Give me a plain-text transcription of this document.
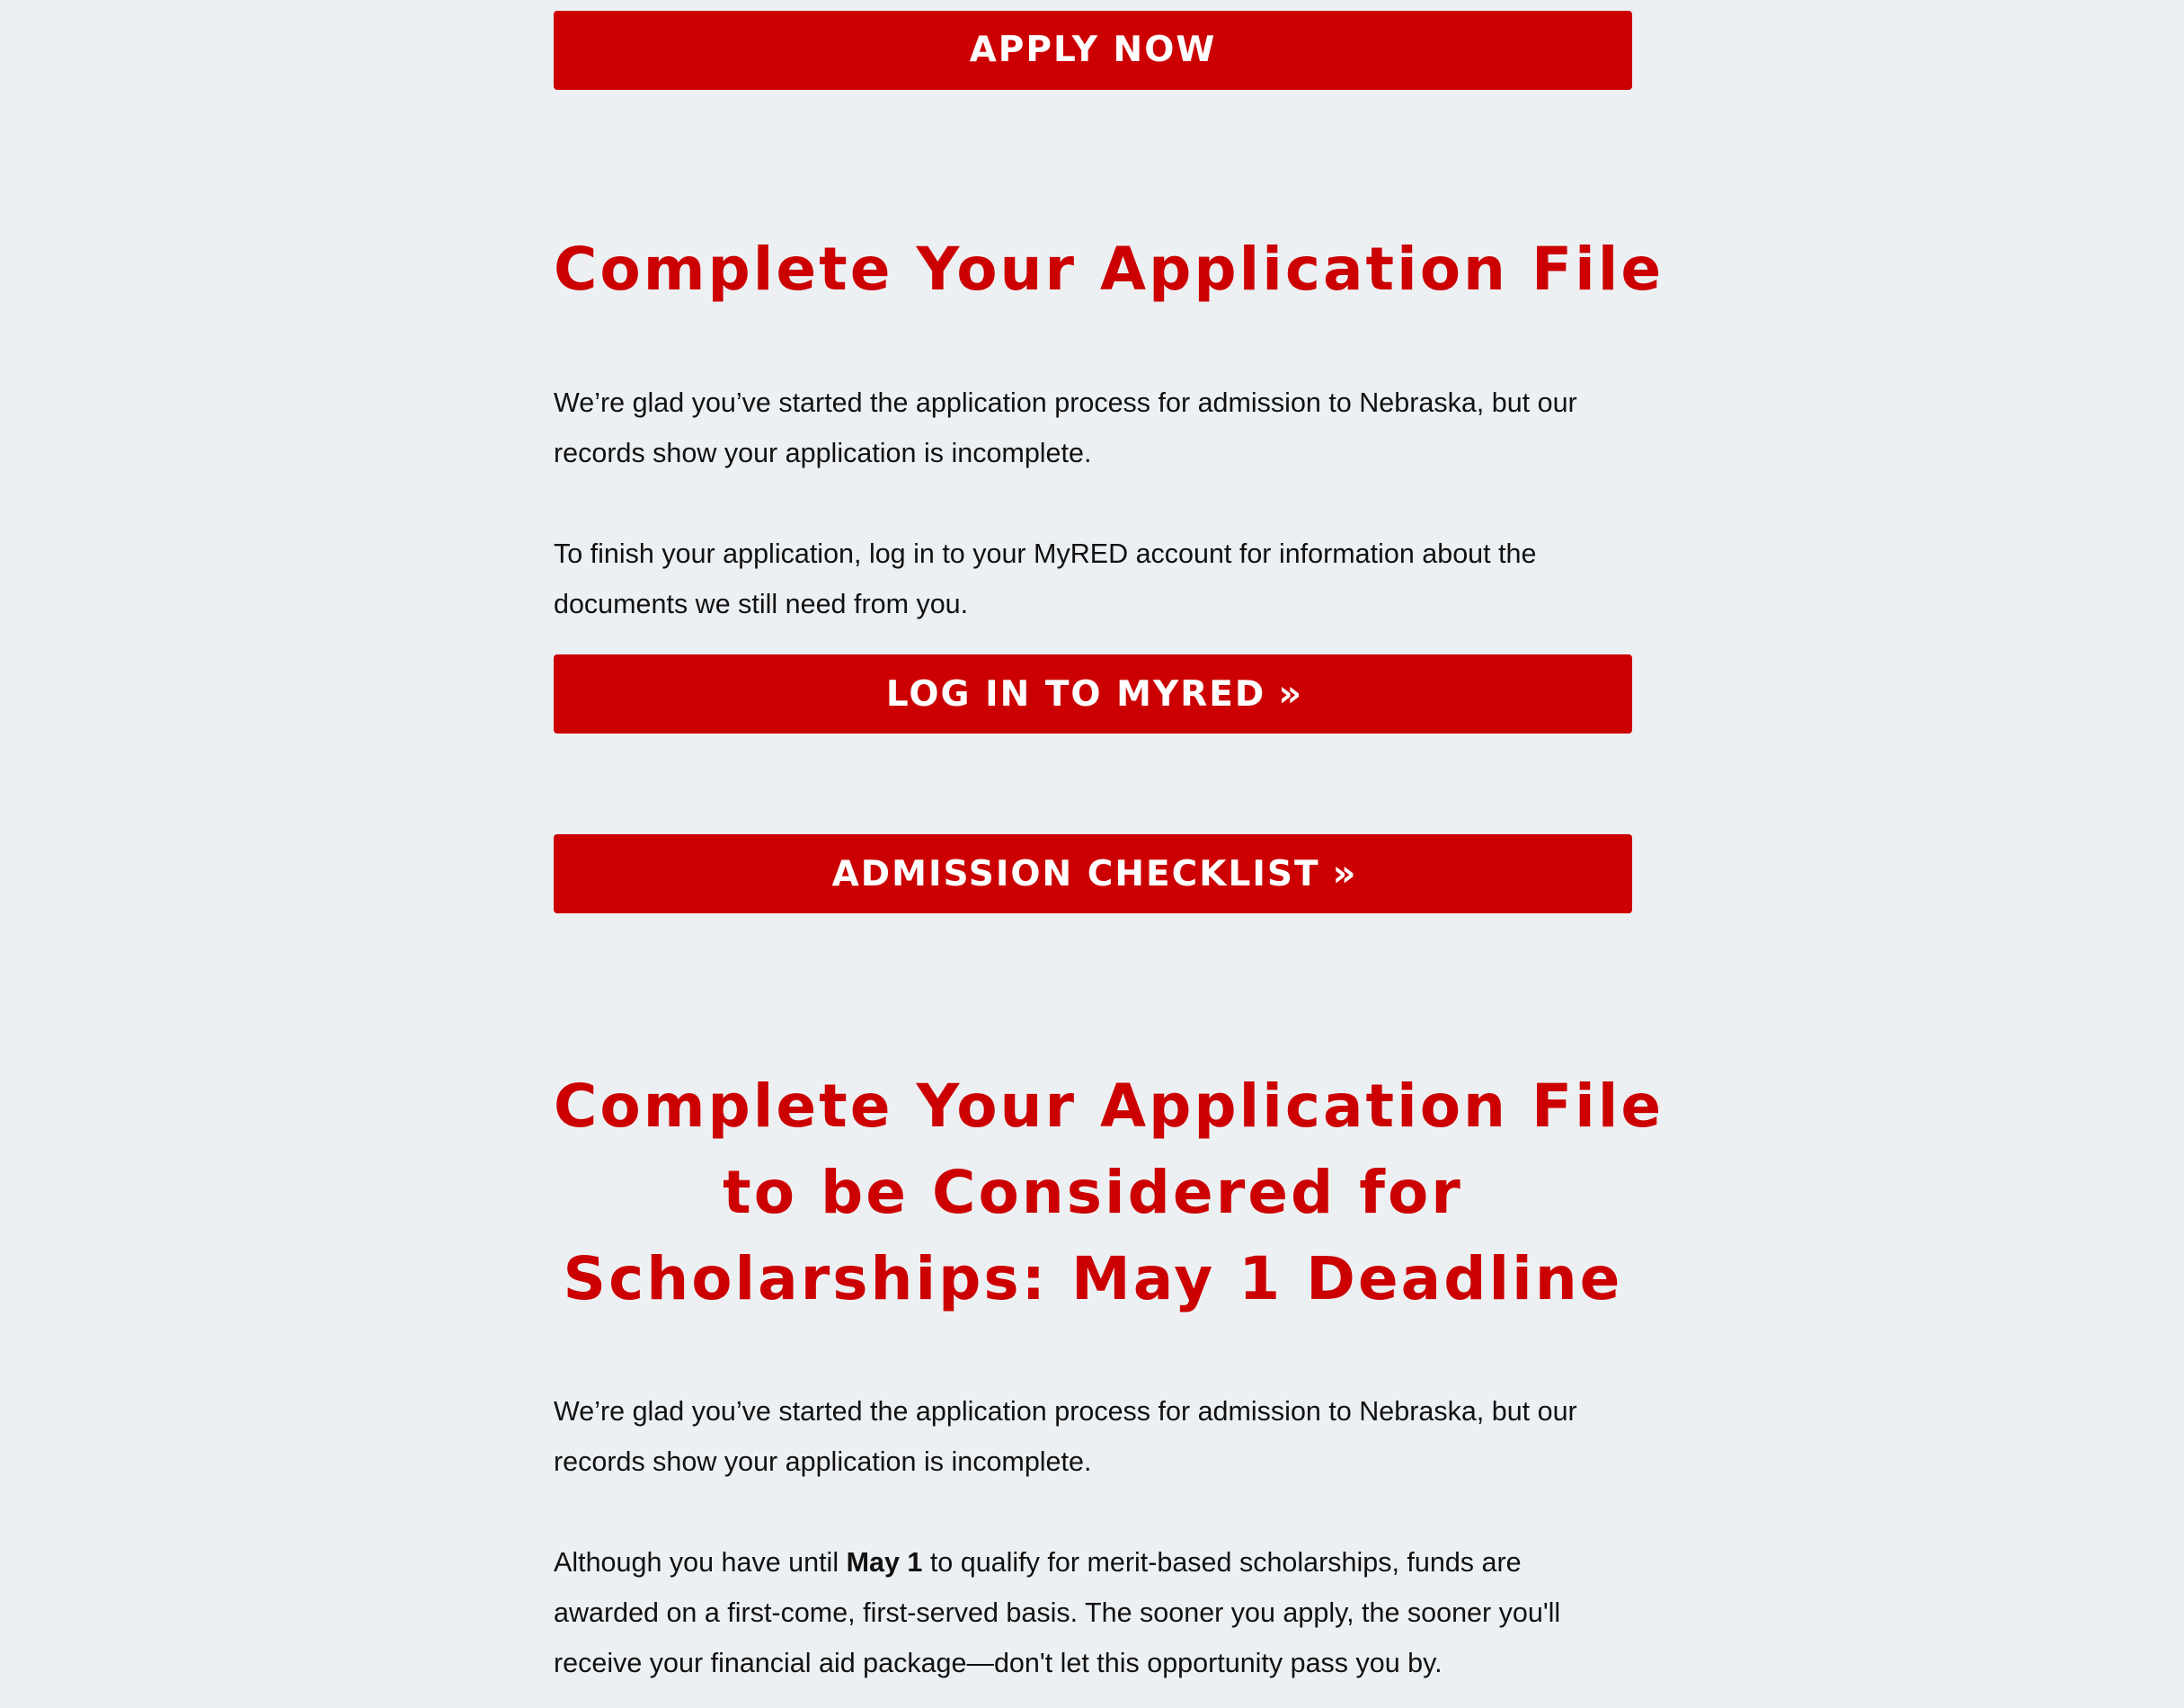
APPLY NOW
Complete Your Application File

We’re glad you’ve started the application process for admission to Nebraska, but our
records show your application is incomplete.

To finish your application, log in to your MyRED account for information about the
documents we still need from you.

LOG IN TO MYRED »
ADMISSION CHECKLIST »
Complete Your Application File
to be Considered for
Scholarships: May 1 Deadline

We’re glad you’ve started the application process for admission to Nebraska, but our
records show your application is incomplete.

Although you have until May 1 to qualify for merit-based scholarships, funds are
awarded on a first-come, first-served basis. The sooner you apply, the sooner you'll
receive your financial aid package—don't let this opportunity pass you by.
